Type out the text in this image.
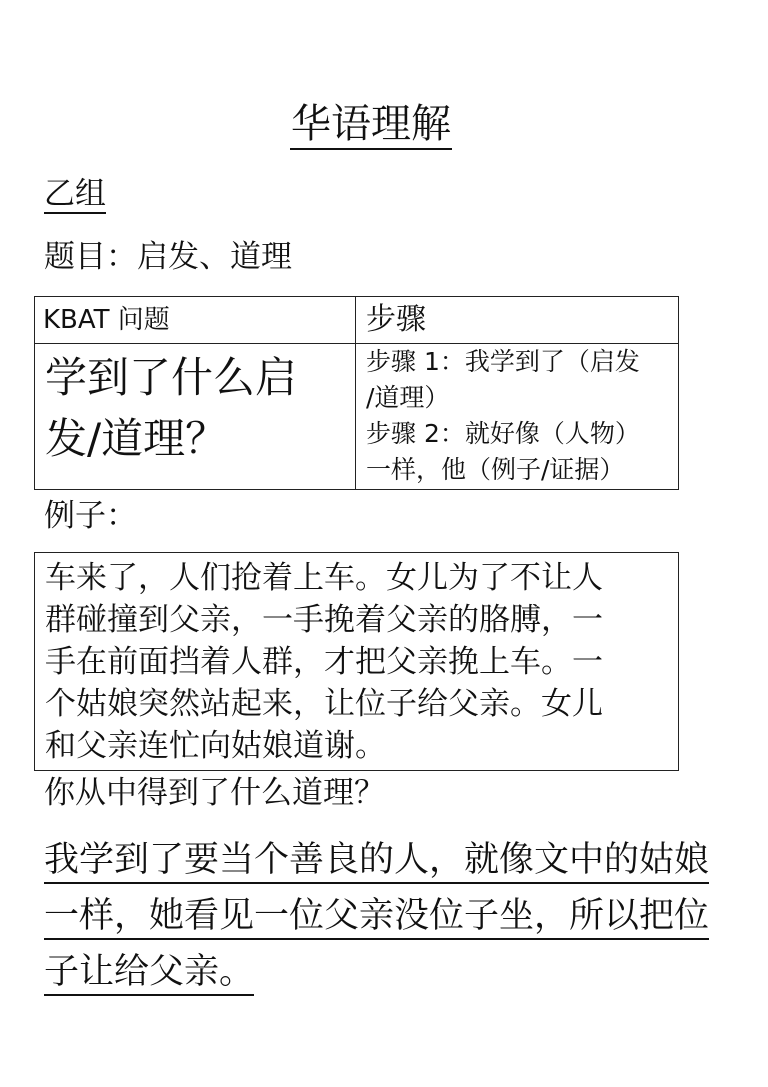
华语理解
乙组
题目：启发、道理
KBAT 问题	步骤
学到了什么启
发/道理？
步骤 1：我学到了（启发
/道理）
步骤 2：就好像（人物）
一样，他（例子/证据）
例子：
车来了，人们抢着上车。女儿为了不让人
群碰撞到父亲，一手挽着父亲的胳膊，一
手在前面挡着人群，才把父亲挽上车。一
个姑娘突然站起来，让位子给父亲。女儿
和父亲连忙向姑娘道谢。
你从中得到了什么道理？
我学到了要当个善良的人，就像文中的姑娘
一样，她看见一位父亲没位子坐，所以把位
子让给父亲。
